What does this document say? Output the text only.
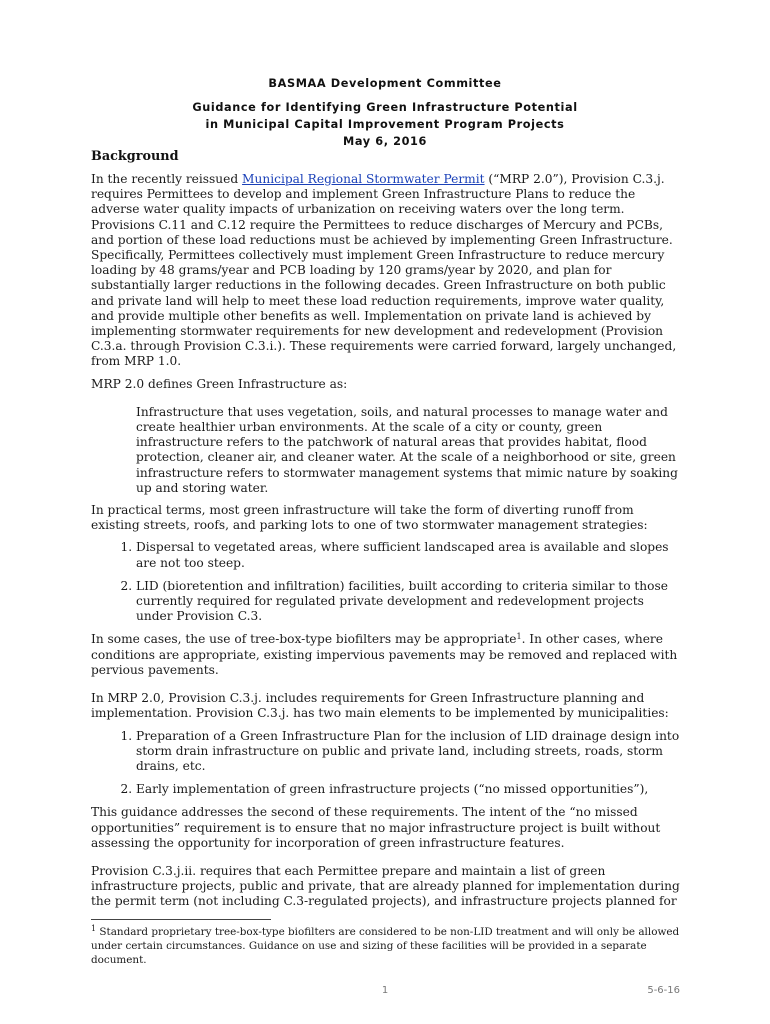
BASMAA Development Committee
Guidance for Identifying Green Infrastructure Potential
in Municipal Capital Improvement Program Projects
May 6, 2016
Background

In the recently reissued Municipal Regional Stormwater Permit (“MRP 2.0”), Provision C.3.j. requires Permittees to develop and implement Green Infrastructure Plans to reduce the adverse water quality impacts of urbanization on receiving waters over the long term. Provisions C.11 and C.12 require the Permittees to reduce discharges of Mercury and PCBs, and portion of these load reductions must be achieved by implementing Green Infrastructure. Specifically, Permittees collectively must implement Green Infrastructure to reduce mercury loading by 48 grams/year and PCB loading by 120 grams/year by 2020, and plan for substantially larger reductions in the following decades. Green Infrastructure on both public and private land will help to meet these load reduction requirements, improve water quality, and provide multiple other benefits as well. Implementation on private land is achieved by implementing stormwater requirements for new development and redevelopment (Provision C.3.a. through Provision C.3.i.). These requirements were carried forward, largely unchanged, from MRP 1.0.

MRP 2.0 defines Green Infrastructure as:

Infrastructure that uses vegetation, soils, and natural processes to manage water and create healthier urban environments. At the scale of a city or county, green infrastructure refers to the patchwork of natural areas that provides habitat, flood protection, cleaner air, and cleaner water. At the scale of a neighborhood or site, green infrastructure refers to stormwater management systems that mimic nature by soaking up and storing water.

In practical terms, most green infrastructure will take the form of diverting runoff from existing streets, roofs, and parking lots to one of two stormwater management strategies:

1. Dispersal to vegetated areas, where sufficient landscaped area is available and slopes are not too steep.
2. LID (bioretention and infiltration) facilities, built according to criteria similar to those currently required for regulated private development and redevelopment projects under Provision C.3.

In some cases, the use of tree-box-type biofilters may be appropriate$^1$. In other cases, where conditions are appropriate, existing impervious pavements may be removed and replaced with pervious pavements.

In MRP 2.0, Provision C.3.j. includes requirements for Green Infrastructure planning and implementation. Provision C.3.j. has two main elements to be implemented by municipalities:

1. Preparation of a Green Infrastructure Plan for the inclusion of LID drainage design into storm drain infrastructure on public and private land, including streets, roads, storm drains, etc.
2. Early implementation of green infrastructure projects (“no missed opportunities”),

This guidance addresses the second of these requirements. The intent of the “no missed opportunities” requirement is to ensure that no major infrastructure project is built without assessing the opportunity for incorporation of green infrastructure features.

Provision C.3.j.ii. requires that each Permittee prepare and maintain a list of green infrastructure projects, public and private, that are already planned for implementation during the permit term (not including C.3-regulated projects), and infrastructure projects planned for

$^1$ Standard proprietary tree-box-type biofilters are considered to be non-LID treatment and will only be allowed under certain circumstances. Guidance on use and sizing of these facilities will be provided in a separate document.

1	5-6-16
